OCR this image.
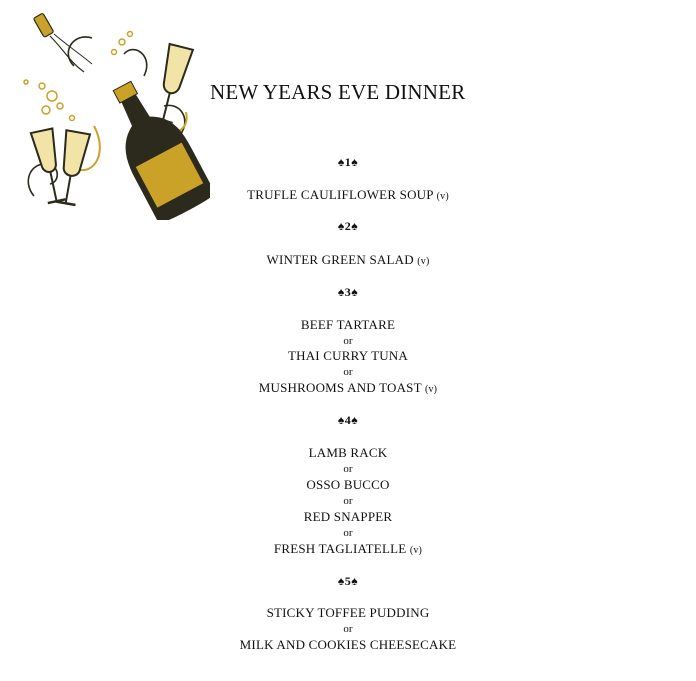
NEW YEARS EVE DINNER
♠1♠
TRUFLE CAULIFLOWER SOUP (v)
♠2♠
WINTER GREEN SALAD (v)
♠3♠
BEEF TARTARE
or
THAI CURRY TUNA
or
MUSHROOMS AND TOAST (v)
♠4♠
LAMB RACK
or
OSSO BUCCO
or
RED SNAPPER
or
FRESH TAGLIATELLE (v)
♠5♠
STICKY TOFFEE PUDDING
or
MILK AND COOKIES CHEESECAKE
